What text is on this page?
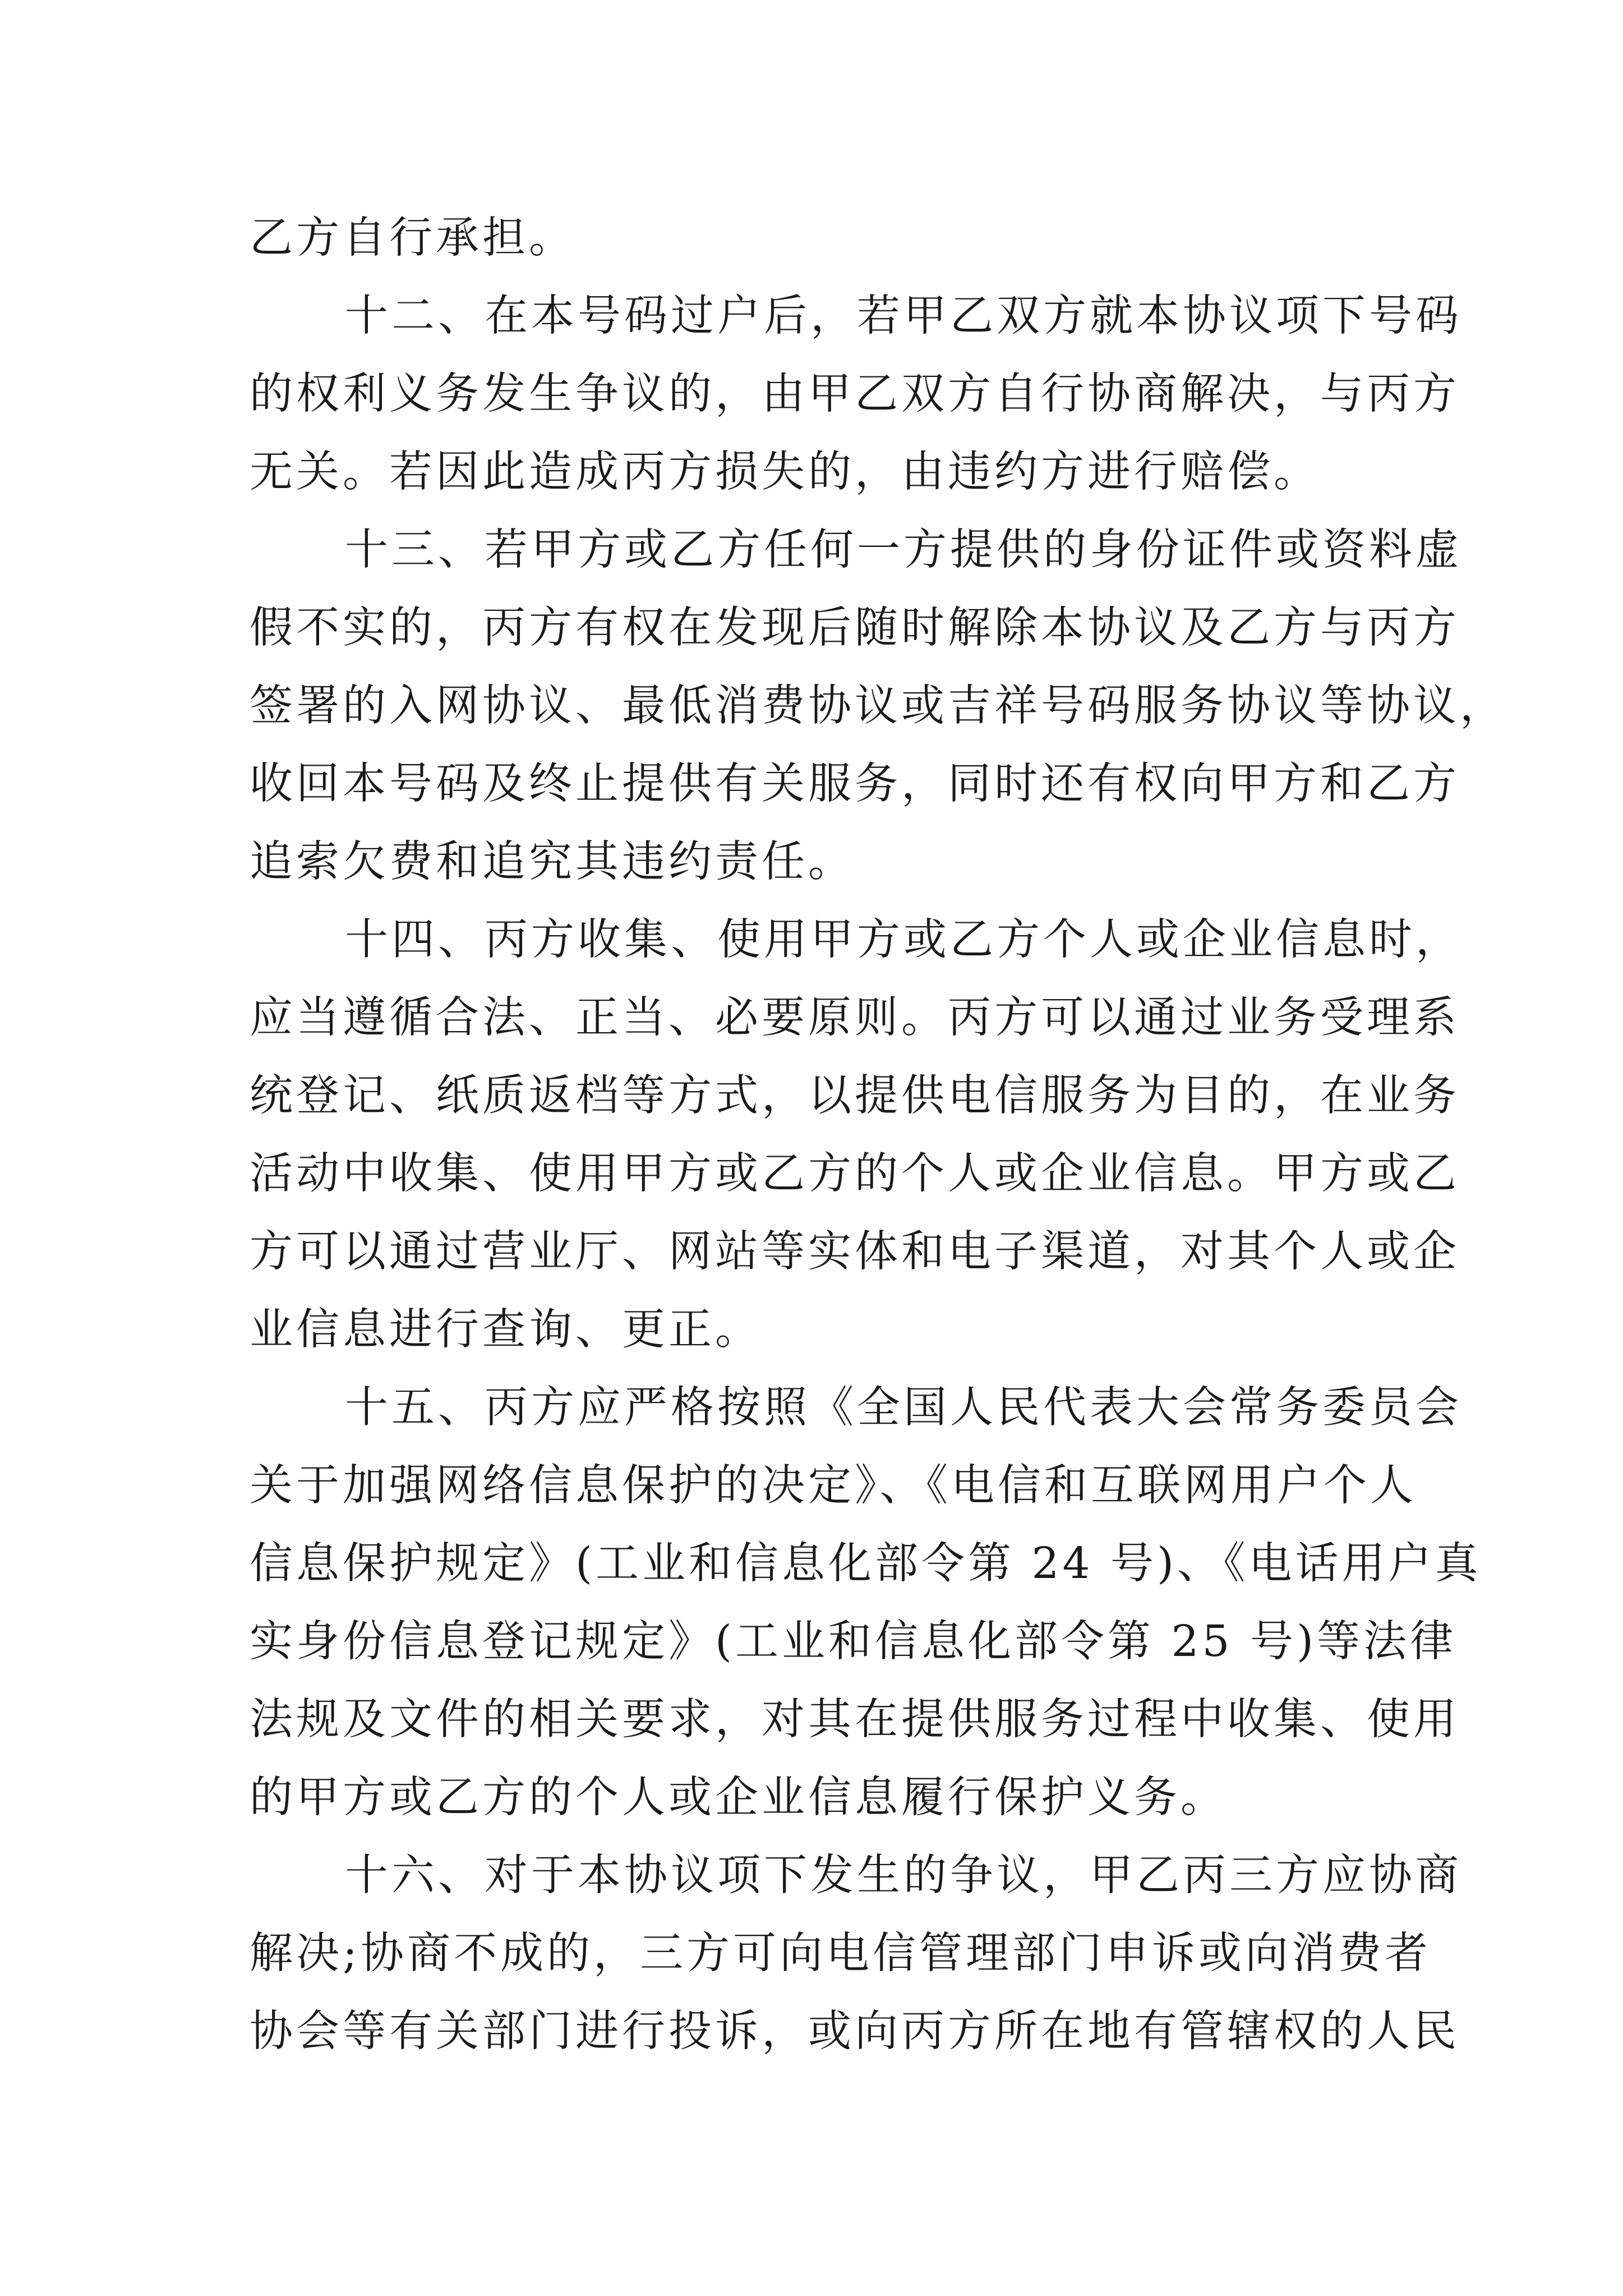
乙方自行承担。
十二、在本号码过户后，若甲乙双方就本协议项下号码
的权利义务发生争议的，由甲乙双方自行协商解决，与丙方
无关。若因此造成丙方损失的，由违约方进行赔偿。
十三、若甲方或乙方任何一方提供的身份证件或资料虚
假不实的，丙方有权在发现后随时解除本协议及乙方与丙方
签署的入网协议、最低消费协议或吉祥号码服务协议等协议，
收回本号码及终止提供有关服务，同时还有权向甲方和乙方
追索欠费和追究其违约责任。
十四、丙方收集、使用甲方或乙方个人或企业信息时，
应当遵循合法、正当、必要原则。丙方可以通过业务受理系
统登记、纸质返档等方式，以提供电信服务为目的，在业务
活动中收集、使用甲方或乙方的个人或企业信息。甲方或乙
方可以通过营业厅、网站等实体和电子渠道，对其个人或企
业信息进行查询、更正。
十五、丙方应严格按照《全国人民代表大会常务委员会
关于加强网络信息保护的决定》、《电信和互联网用户个人
信息保护规定》(工业和信息化部令第 24 号)、《电话用户真
实身份信息登记规定》(工业和信息化部令第 25 号)等法律
法规及文件的相关要求，对其在提供服务过程中收集、使用
的甲方或乙方的个人或企业信息履行保护义务。
十六、对于本协议项下发生的争议，甲乙丙三方应协商
解决;协商不成的，三方可向电信管理部门申诉或向消费者
协会等有关部门进行投诉，或向丙方所在地有管辖权的人民
